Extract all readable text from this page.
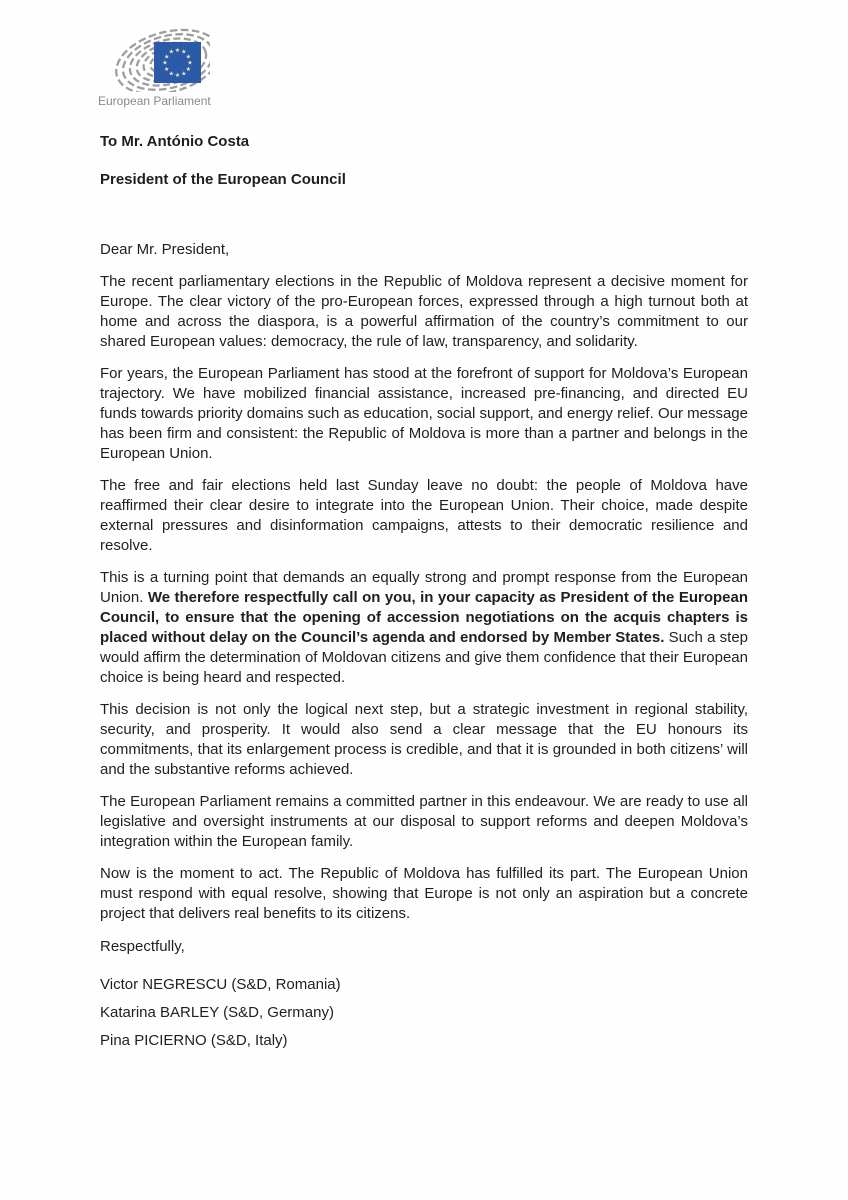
★ ★
★
★
★
★
★
★
★
★
★
★
European Parliament

To Mr. António Costa

President of the European Council

Dear Mr. President,

The recent parliamentary elections in the Republic of Moldova represent a decisive moment for Europe. The clear victory of the pro-European forces, expressed through a high turnout both at home and across the diaspora, is a powerful affirmation of the country’s commitment to our shared European values: democracy, the rule of law, transparency, and solidarity.

For years, the European Parliament has stood at the forefront of support for Moldova’s European trajectory. We have mobilized financial assistance, increased pre-financing, and directed EU funds towards priority domains such as education, social support, and energy relief. Our message has been firm and consistent: the Republic of Moldova is more than a partner and belongs in the European Union.

The free and fair elections held last Sunday leave no doubt: the people of Moldova have reaffirmed their clear desire to integrate into the European Union. Their choice, made despite external pressures and disinformation campaigns, attests to their democratic resilience and resolve.

This is a turning point that demands an equally strong and prompt response from the European Union. We therefore respectfully call on you, in your capacity as President of the European Council, to ensure that the opening of accession negotiations on the acquis chapters is placed without delay on the Council’s agenda and endorsed by Member States. Such a step would affirm the determination of Moldovan citizens and give them confidence that their European choice is being heard and respected.

This decision is not only the logical next step, but a strategic investment in regional stability, security, and prosperity. It would also send a clear message that the EU honours its commitments, that its enlargement process is credible, and that it is grounded in both citizens’ will and the substantive reforms achieved.

The European Parliament remains a committed partner in this endeavour. We are ready to use all legislative and oversight instruments at our disposal to support reforms and deepen Moldova’s integration within the European family.

Now is the moment to act. The Republic of Moldova has fulfilled its part. The European Union must respond with equal resolve, showing that Europe is not only an aspiration but a concrete project that delivers real benefits to its citizens.

Respectfully,

Victor NEGRESCU (S&D, Romania)

Katarina BARLEY (S&D, Germany)

Pina PICIERNO (S&D, Italy)
